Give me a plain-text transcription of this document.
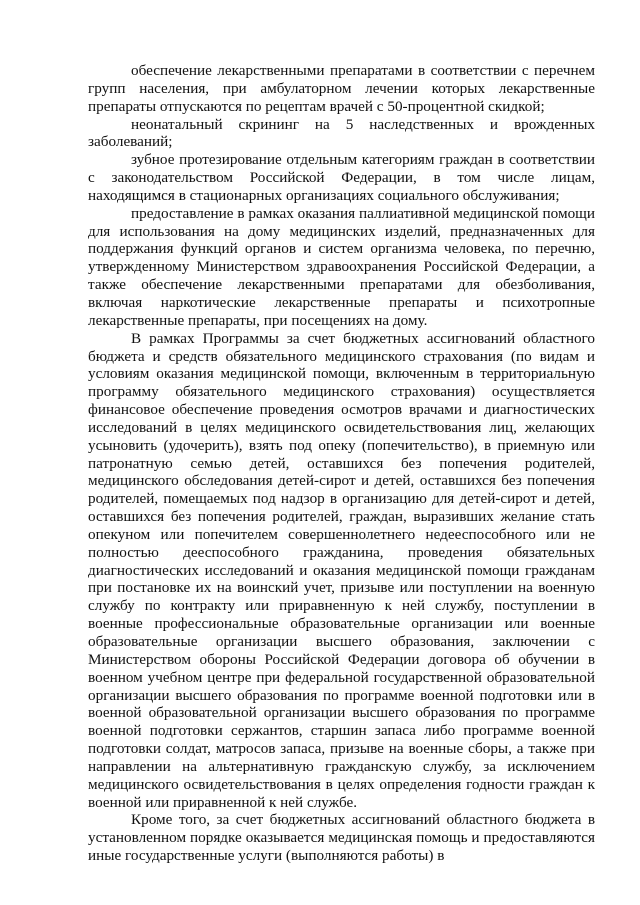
обеспечение лекарственными препаратами в соответствии с перечнем групп населения, при амбулаторном лечении которых лекарственные препараты отпускаются по рецептам врачей с 50-процентной скидкой;

неонатальный скрининг на 5 наследственных и врожденных заболеваний;

зубное протезирование отдельным категориям граждан в соответствии с законодательством Российской Федерации, в том числе лицам, находящимся в стационарных организациях социального обслуживания;

предоставление в рамках оказания паллиативной медицинской помощи для использования на дому медицинских изделий, предназначенных для поддержания функций органов и систем организма человека, по перечню, утвержденному Министерством здравоохранения Российской Федерации, а также обеспечение лекарственными препаратами для обезболивания, включая наркотические лекарственные препараты и психотропные лекарственные препараты, при посещениях на дому.

В рамках Программы за счет бюджетных ассигнований областного бюджета и средств обязательного медицинского страхования (по видам и условиям оказания медицинской помощи, включенным в территориальную программу обязательного медицинского страхования) осуществляется финансовое обеспечение проведения осмотров врачами и диагностических исследований в целях медицинского освидетельствования лиц, желающих усыновить (удочерить), взять под опеку (попечительство), в приемную или патронатную семью детей, оставшихся без попечения родителей, медицинского обследования детей-сирот и детей, оставшихся без попечения родителей, помещаемых под надзор в организацию для детей-сирот и детей, оставшихся без попечения родителей, граждан, выразивших желание стать опекуном или попечителем совершеннолетнего недееспособного или не полностью дееспособного гражданина, проведения обязательных диагностических исследований и оказания медицинской помощи гражданам при постановке их на воинский учет, призыве или поступлении на военную службу по контракту или приравненную к ней службу, поступлении в военные профессиональные образовательные организации или военные образовательные организации высшего образования, заключении с Министерством обороны Российской Федерации договора об обучении в военном учебном центре при федеральной государственной образовательной организации высшего образования по программе военной подготовки или в военной образовательной организации высшего образования по программе военной подготовки сержантов, старшин запаса либо программе военной подготовки солдат, матросов запаса, призыве на военные сборы, а также при направлении на альтернативную гражданскую службу, за исключением медицинского освидетельствования в целях определения годности граждан к военной или приравненной к ней службе.

Кроме того, за счет бюджетных ассигнований областного бюджета в установленном порядке оказывается медицинская помощь и предоставляются иные государственные услуги (выполняются работы) в
